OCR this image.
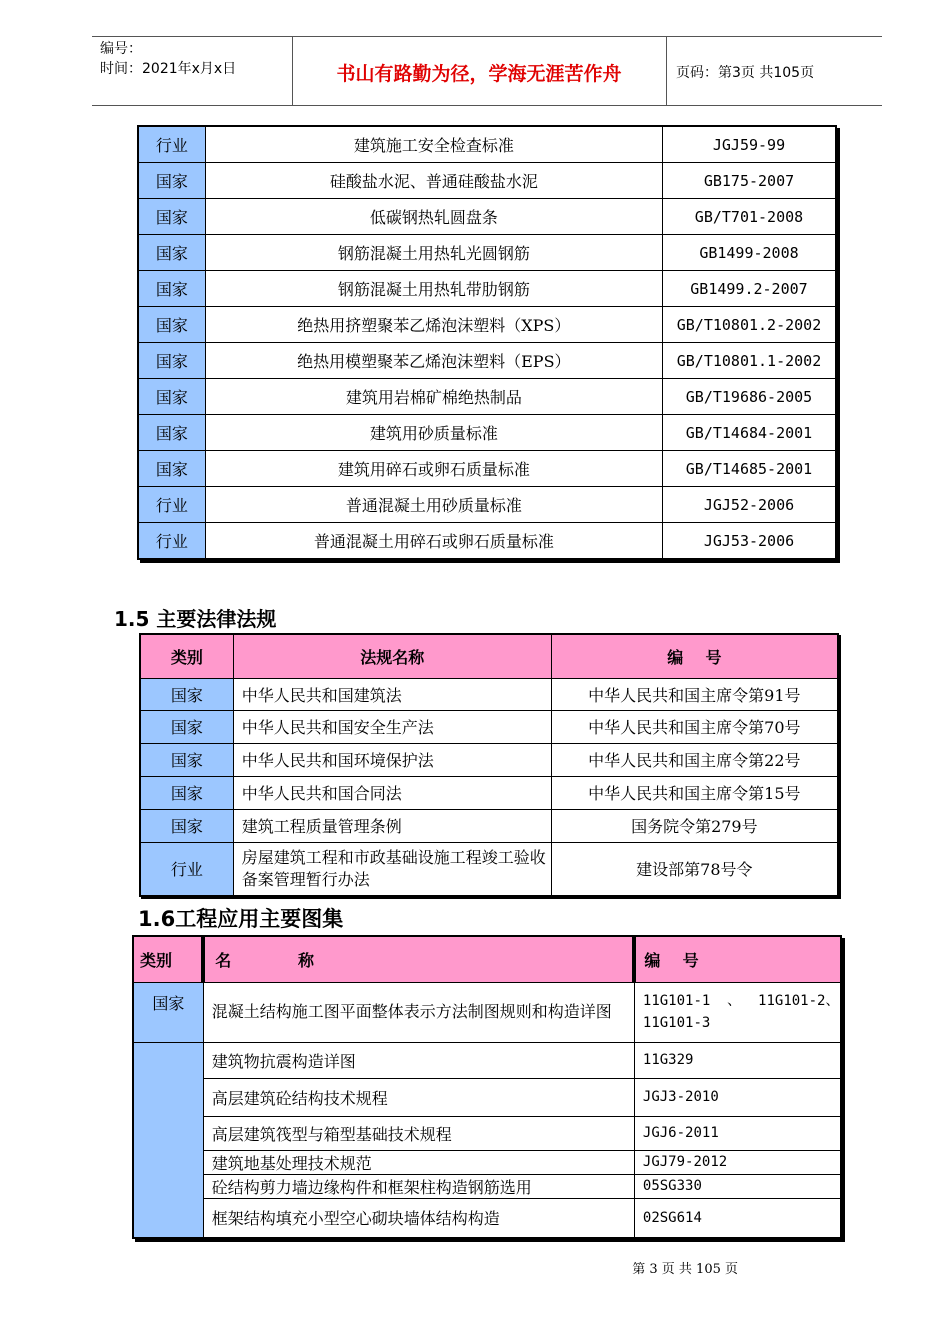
编号：
时间：2021年x月x日	书山有路勤为径，学海无涯苦作舟	页码：第3页 共105页
行业	建筑施工安全检查标准	JGJ59-99
国家	硅酸盐水泥、普通硅酸盐水泥	GB175-2007
国家	低碳钢热轧圆盘条	GB/T701-2008
国家	钢筋混凝土用热轧光圆钢筋	GB1499-2008
国家	钢筋混凝土用热轧带肋钢筋	GB1499.2-2007
国家	绝热用挤塑聚苯乙烯泡沫塑料（XPS）	GB/T10801.2-2002
国家	绝热用模塑聚苯乙烯泡沫塑料（EPS）	GB/T10801.1-2002
国家	建筑用岩棉矿棉绝热制品	GB/T19686-2005
国家	建筑用砂质量标准	GB/T14684-2001
国家	建筑用碎石或卵石质量标准	GB/T14685-2001
行业	普通混凝土用砂质量标准	JGJ52-2006
行业	普通混凝土用碎石或卵石质量标准	JGJ53-2006
1.5 主要法律法规
类别	法规名称	编    号
国家	中华人民共和国建筑法	中华人民共和国主席令第91号
国家	中华人民共和国安全生产法	中华人民共和国主席令第70号
国家	中华人民共和国环境保护法	中华人民共和国主席令第22号
国家	中华人民共和国合同法	中华人民共和国主席令第15号
国家	建筑工程质量管理条例	国务院令第279号
行业	房屋建筑工程和市政基础设施工程竣工验收备案管理暂行办法	建设部第78号令
1.6工程应用主要图集
类别	名            称	编    号
国家	混凝土结构施工图平面整体表示方法制图规则和构造详图	11G101-1  、  11G101-2、11G101-3
	建筑物抗震构造详图	11G329
	高层建筑砼结构技术规程	JGJ3-2010
	高层建筑筏型与箱型基础技术规程	JGJ6-2011
	建筑地基处理技术规范	JGJ79-2012
	砼结构剪力墙边缘构件和框架柱构造钢筋选用	05SG330
	框架结构填充小型空心砌块墙体结构构造	02SG614
第 3 页 共 105 页
